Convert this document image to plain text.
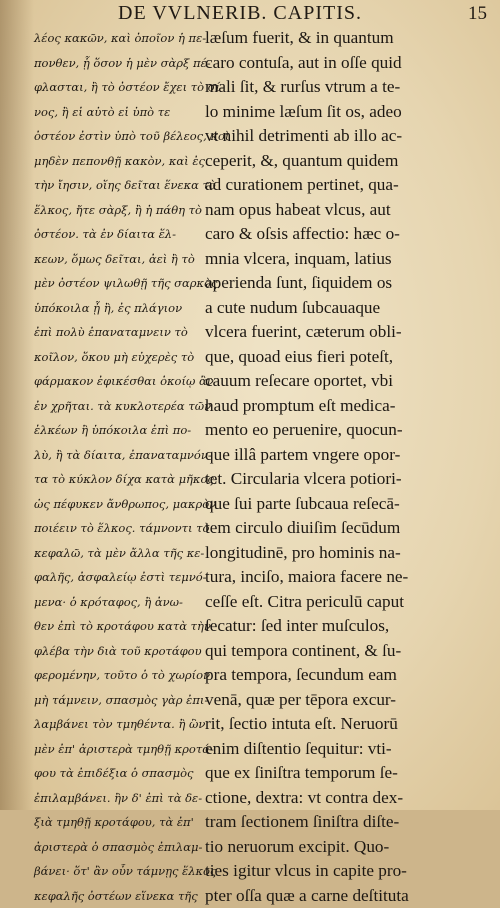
DE VVLNERIB. CAPITIS.	15
λέος κακῶν, καὶ ὁποῖον ἡ πε-
πονθεν, ᾗ ὅσον ἡ μὲν σὰρξ πέ-
φλασται, ἢ τὸ ὀστέον ἔχει τὸ σί-
νος, ἢ εἰ αὐτὸ εἰ ὑπὸ τε
ὀστέον ἐστὶν ὑπὸ τοῦ βέλεος, κοὶ
μηδὲν πεπονθῇ κακὸν, καὶ ἐς
τὴν ἴησιν, οἵης δεῖται ἕνεκα τὸ
ἕλκος, ἤτε σὰρξ, ἢ ἡ πάθη τὸ
ὀστέον. τὰ ἐν δίαιτα ἕλ-
κεων, ὅμως δεῖται, ἀεὶ ἢ τὸ
μὲν ὀστέον ψιλωθῇ τῆς σαρκὸς,
ὑπόκοιλα ᾖ ἢ, ἐς πλάγιον
ἐπὶ πολὺ ἐπαναταμνειν τὸ
κοῖλον, ὅκου μὴ εὐχερὲς τὸ
φάρμακον ἐφικέσθαι ὁκοίῳ ἂν
ἐν χρῆται. τὰ κυκλοτερέα τῶν
ἑλκέων ἢ ὑπόκοιλα ἐπὶ πο-
λὺ, ἢ τὰ δίαιτα, ἐπαναταμνόν-
τα τὸ κύκλον δίχα κατὰ μῆκος,
ὡς πέφυκεν ἄνθρωπος, μακρὸν
ποιέειν τὸ ἕλκος. τάμνοντι τὸ
κεφαλῶ, τὰ μὲν ἄλλα τῆς κε-
φαλῆς, ἀσφαλείῳ ἐστὶ τεμνό-
μενα· ὁ κρόταφος, ἢ ἀνω-
θεν ἐπὶ τὸ κροτάφου κατὰ τὴν
φλέβα τὴν διὰ τοῦ κροτάφου
φερομένην, τοῦτο ὁ τὸ χωρίον
μὴ τάμνειν, σπασμὸς γὰρ ἐπι-
λαμβάνει τὸν τμηθέντα. ἢ ὣν
μὲν ἐπ' ἀριστερὰ τμηθῇ κροτά-
φου τὰ ἐπιδέξια ὁ σπασμὸς
ἐπιλαμβάνει. ἢν δ' ἐπὶ τὰ δε-
ξιὰ τμηθῇ κροτάφου, τὰ ἐπ'
ἀριστερὰ ὁ σπασμὸς ἐπιλαμ-
βάνει· ὅτ' ἂν οὖν τάμνῃς ἕλκος
κεφαλῆς ὀστέων εἵνεκα τῆς
læſum fuerit, & in quantum
caro contuſa, aut in oſſe quid
mali ſit, & rurſus vtrum a te-
lo minime læſum ſit os, adeo
vt nihil detrimenti ab illo ac-
ceperit, &, quantum quidem
ad curationem pertinet, qua-
nam opus habeat vlcus, aut
caro & oſsis affectio: hæc o-
mnia vlcera, inquam, latius
aperienda ſunt, ſiquidem os
a cute nudum ſubcauaque
vlcera fuerint, cæterum obli-
que, quoad eius fieri poteſt,
cauum reſecare oportet, vbi
haud promptum eſt medica-
mento eo peruenire, quocun-
que illâ partem vngere opor-
tet. Circularia vlcera potiori-
que ſui parte ſubcaua reſecā-
tem circulo diuiſim ſecūdum
longitudinē, pro hominis na-
tura, inciſo, maiora facere ne-
ceſſe eſt. Citra periculū caput
ſecatur: ſed inter muſculos,
qui tempora continent, & ſu-
pra tempora, ſecundum eam
venā, quæ per tēpora excur-
rit, ſectio intuta eſt. Neruorū
enim diſtentio ſequitur: vti-
que ex ſiniſtra temporum ſe-
ctione, dextra: vt contra dex-
tram ſectionem ſiniſtra diſte-
tio neruorum excipit. Quo-
ties igitur vlcus in capite pro-
pter oſſa quæ a carne deſtituta
